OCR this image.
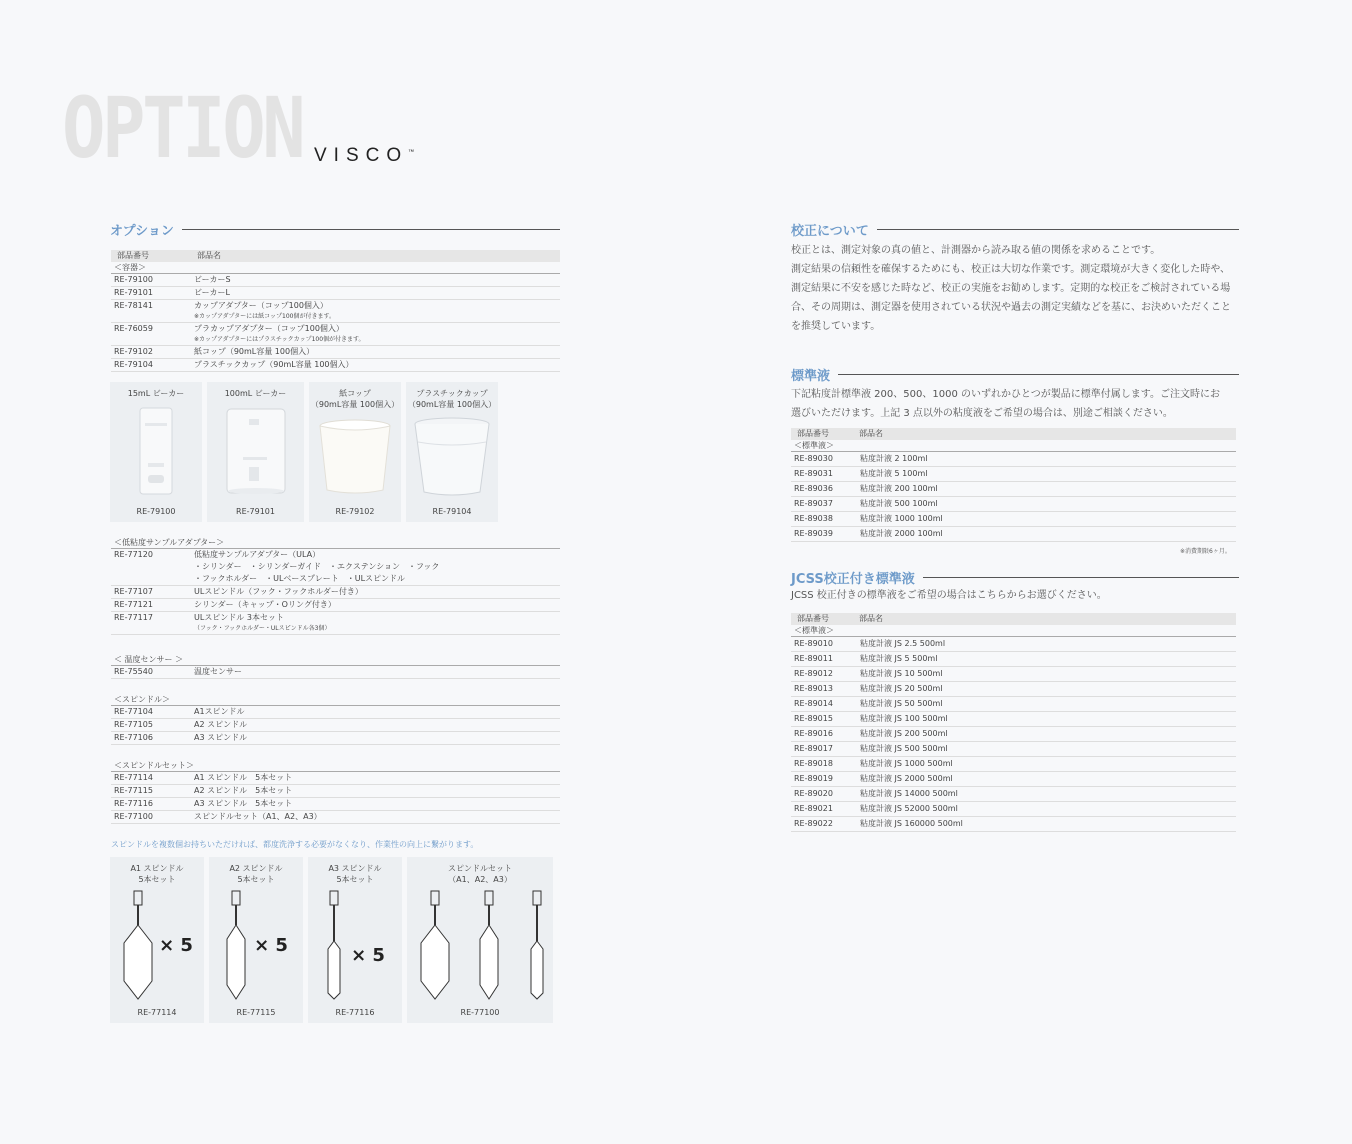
OPTION VISCO™
オプション
部品番号	部品名
＜容器＞
RE-79100	ビーカーS
RE-79101	ビーカーL
RE-78141	カップアダプター（コップ100個入）
※カップアダプターには紙コップ100個が付きます。
RE-76059	プラカップアダプター（コップ100個入）
※カップアダプターにはプラスチックカップ100個が付きます。
RE-79102	紙コップ（90mL容量 100個入）
RE-79104	プラスチックカップ（90mL容量 100個入）
15mL ビーカー
RE-79100
100mL ビーカー
RE-79101
紙コップ
（90mL容量 100個入）
RE-79102
プラスチックカップ
（90mL容量 100個入）
RE-79104
＜低粘度サンプルアダプター＞
RE-77120	低粘度サンプルアダプター（ULA）
・シリンダー　・シリンダーガイド　・エクステンション　・フック
・フックホルダー　・ULベースプレート　・ULスピンドル
RE-77107	ULスピンドル（フック・フックホルダー付き）
RE-77121	シリンダー（キャップ・Oリング付き）
RE-77117	ULスピンドル 3本セット
（フック・フックホルダー・ULスピンドル各3個）
＜ 温度センサー ＞
RE-75540	温度センサー
＜スピンドル＞
RE-77104	A1スピンドル
RE-77105	A2 スピンドル
RE-77106	A3 スピンドル
＜スピンドルセット＞
RE-77114	A1 スピンドル　5本セット
RE-77115	A2 スピンドル　5本セット
RE-77116	A3 スピンドル　5本セット
RE-77100	スピンドルセット（A1、A2、A3）
スピンドルを複数個お持ちいただければ、都度洗浄する必要がなくなり、作業性の向上に繋がります。
A1 スピンドル
5本セット
× 5
RE-77114
A2 スピンドル
5本セット
× 5
RE-77115
A3 スピンドル
5本セット
× 5
RE-77116
スピンドルセット
（A1、A2、A3）
RE-77100
校正について
校正とは、測定対象の真の値と、計測器から読み取る値の関係を求めることです。
測定結果の信頼性を確保するためにも、校正は大切な作業です。測定環境が大きく変化した時や、
測定結果に不安を感じた時など、校正の実施をお勧めします。定期的な校正をご検討されている場
合、その周期は、測定器を使用されている状況や過去の測定実績などを基に、お決めいただくこと
を推奨しています。
標準液
下記粘度計標準液 200、500、1000 のいずれかひとつが製品に標準付属します。ご注文時にお
選びいただけます。上記 3 点以外の粘度液をご希望の場合は、別途ご相談ください。
部品番号	部品名
＜標準液＞
RE-89030	粘度計液 2 100ml
RE-89031	粘度計液 5 100ml
RE-89036	粘度計液 200 100ml
RE-89037	粘度計液 500 100ml
RE-89038	粘度計液 1000 100ml
RE-89039	粘度計液 2000 100ml
※消費期限6ヶ月。
JCSS校正付き標準液
JCSS 校正付きの標準液をご希望の場合はこちらからお選びください。
部品番号	部品名
＜標準液＞
RE-89010	粘度計液 JS 2.5 500ml
RE-89011	粘度計液 JS 5 500ml
RE-89012	粘度計液 JS 10 500ml
RE-89013	粘度計液 JS 20 500ml
RE-89014	粘度計液 JS 50 500ml
RE-89015	粘度計液 JS 100 500ml
RE-89016	粘度計液 JS 200 500ml
RE-89017	粘度計液 JS 500 500ml
RE-89018	粘度計液 JS 1000 500ml
RE-89019	粘度計液 JS 2000 500ml
RE-89020	粘度計液 JS 14000 500ml
RE-89021	粘度計液 JS 52000 500ml
RE-89022	粘度計液 JS 160000 500ml
